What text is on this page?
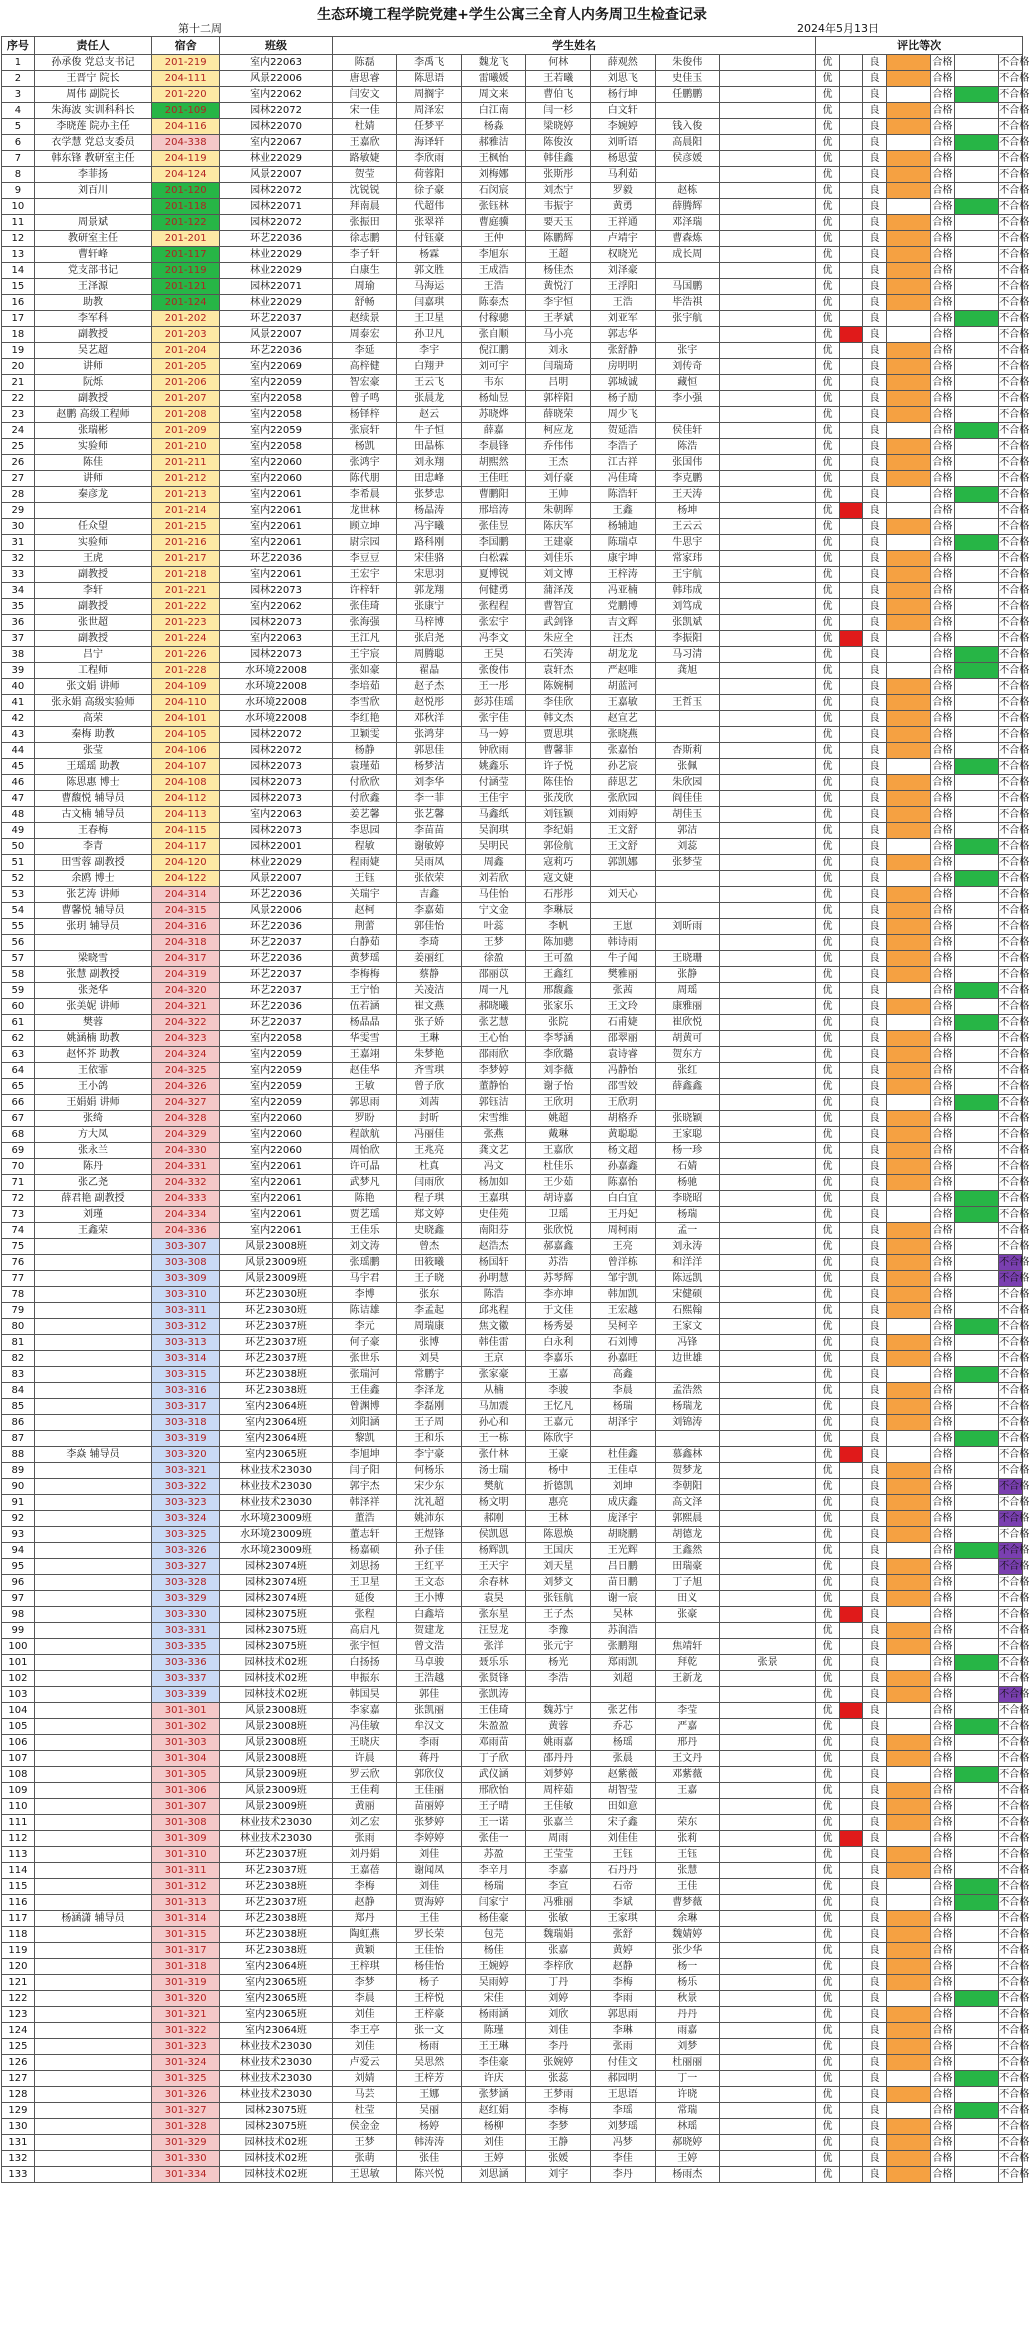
生态环境工程学院党建+学生公寓三全育人内务周卫生检查记录
第十二周	2024年5月13日
序号	责任人	宿舍	班级	学生姓名							评比等次						
1	孙承俊 党总支书记	201-219	室内22063	陈磊	李禹飞	魏龙飞	何林	薛观然	朱俊伟		优		良		合格		不合格
2	王晋宁 院长	204-111	风景22006	唐思睿	陈思语	雷曦媛	王若曦	刘思飞	史佳玉		优		良		合格		不合格
3	周伟 副院长	201-220	室内22062	闫安文	周搁宇	周文来	曹伯飞	杨行坤	任鹏鹏		优		良		合格		不合格
4	朱海波 实训科科长	201-109	园林22072	宋一佳	周泽宏	白江南	闫一杉	白文轩			优		良		合格		不合格
5	李晓莲 院办主任	204-116	园林22070	杜婧	任梦平	杨淼	梁晓婷	李婉婷	钱入俊		优		良		合格		不合格
6	衣学慧 党总支委员	204-338	室内22067	王嘉欣	海译轩	郝雅洁	陈俊汝	刘昕语	高晨阳		优		良		合格		不合格
7	韩东锋 教研室主任	204-119	林业22029	路敏婕	李欣雨	王枫怡	韩佳鑫	杨思萤	侯彦媛		优		良		合格		不合格
8	李菲扬	204-124	风景22007	贺莹	荷蓉阳	刘梅娜	张斯彤	马利茹			优		良		合格		不合格
9	刘百川	201-120	园林22072	沈锐锐	徐子豪	石闵宸	刘杰宁	罗毅	赵栋		优		良		合格		不合格
10		201-118	园林22071	拜南晨	代超伟	张钰林	韦振宇	黄勇	薛腾辉		优		良		合格		不合格
11	周景斌	201-122	园林22072	张振田	张翠祥	曹庭骥	要天玉	王祥通	邓泽瑞		优		良		合格		不合格
12	教研室主任	201-201	环艺22036	徐志鹏	付钰豪	王仲	陈鹏辉	卢靖宇	曹森炼		优		良		合格		不合格
13	曹轩峰	201-117	林业22029	李子轩	杨霖	李旭东	王超	权晓光	成长周		优		良		合格		不合格
14	党支部书记	201-119	林业22029	白康生	郭文胜	王成浩	杨佳杰	刘泽豪			优		良		合格		不合格
15	王泽源	201-121	园林22071	周瑜	马海运	王浩	黄悦汀	王浮阳	马国鹏		优		良		合格		不合格
16	助教	201-124	林业22029	舒畅	闫嘉琪	陈泰杰	李宇恒	王浩	毕浩祺		优		良		合格		不合格
17	李军科	201-202	环艺22037	赵续景	王卫星	付稼骢	王孝斌	刘亚军	张宇航		优		良		合格		不合格
18	副教授	201-203	风景22007	周泰宏	孙卫凡	张自顺	马小亮	郭志华			优		良		合格		不合格
19	吴艺超	201-204	环艺22036	李延	李宇	倪江鹏	刘永	张舒静	张宇		优		良		合格		不合格
20	讲师	201-205	室内22069	高梓健	白翔尹	刘可宇	闫瑞琦	房明明	刘传奇		优		良		合格		不合格
21	阮烁	201-206	室内22059	智宏豪	王云飞	韦东	吕明	郭城诚	藏恒		优		良		合格		不合格
22	副教授	201-207	室内22058	曾子鸣	张晨龙	杨灿昱	郭梓阳	杨子励	李小强		优		良		合格		不合格
23	赵鹏 高级工程师	201-208	室内22058	杨铎梓	赵云	苏晓烨	薛晓荣	周少飞			优		良		合格		不合格
24	张瑞彬	201-209	室内22059	张宸轩	牛子恒	薛嘉	柯应龙	贺延浩	侯佳轩		优		良		合格		不合格
25	实验师	201-210	室内22058	杨凯	田晶栋	李晨锋	乔伟伟	李浩子	陈浩		优		良		合格		不合格
26	陈佳	201-211	室内22060	张鸿宇	刘永翔	胡熙然	王杰	江古祥	张国伟		优		良		合格		不合格
27	讲师	201-212	室内22060	陈代朋	田忠峰	王佳旺	刘仔豪	冯佳琦	李克鹏		优		良		合格		不合格
28	秦彦龙	201-213	室内22061	李希晨	张梦忠	曹鹏阳	王帅	陈浩轩	王天涛		优		良		合格		不合格
29		201-214	室内22061	龙世林	杨晶涛	邢培涛	朱朝晖	王鑫	杨坤		优		良		合格		不合格
30	任众望	201-215	室内22061	顾立坤	冯宇曦	张佳昱	陈庆军	杨辅迪	王云云		优		良		合格		不合格
31	实验师	201-216	室内22061	尉宗园	路科刚	李国鹏	王建豪	陈瑞卓	牛思宇		优		良		合格		不合格
32	王虎	201-217	环艺22036	李豆豆	宋佳骆	白松霖	刘佳乐	康宇坤	常家玮		优		良		合格		不合格
33	副教授	201-218	室内22061	王宏宇	宋思羽	夏博锐	刘文博	王梓涛	王宇航		优		良		合格		不合格
34	李轩	201-221	园林22073	许梓轩	郭龙翔	何健勇	蒲泽茂	冯亚楠	韩玮成		优		良		合格		不合格
35	副教授	201-222	室内22062	张佳琦	张康宁	张程程	曹智宜	党鹏博	刘笃成		优		良		合格		不合格
36	张世超	201-223	园林22073	张海强	马梓博	张宏宇	武剑锋	吉文辉	张凯斌		优		良		合格		不合格
37	副教授	201-224	室内22063	王江凡	张启尧	冯李文	朱应全	汪杰	李振阳		优		良		合格		不合格
38	吕宁	201-226	园林22073	王宇宸	周腾聪	王昊	石笑涛	胡龙龙	马习清		优		良		合格		不合格
39	工程师	201-228	水环境22008	张如豪	翟晶	张俊伟	袁轩杰	严赵唯	龚旭		优		良		合格		不合格
40	张文娟 讲师	204-109	水环境22008	李培茹	赵子杰	王一彤	陈婉桐	胡蓝河			优		良		合格		不合格
41	张永娟 高级实验师	204-110	水环境22008	李雪欣	赵悦彤	彭苏佳瑶	李佳欣	王嘉敏	王哲玉		优		良		合格		不合格
42	高荣	204-101	水环境22008	李红艳	邓秋洋	张宇佳	韩文杰	赵宣艺			优		良		合格		不合格
43	秦梅 助教	204-105	园林22072	卫颖雯	张鸿芽	马一婷	贾思琪	张晓燕			优		良		合格		不合格
44	张莹	204-106	园林22072	杨静	郭思佳	钟欣雨	曹馨菲	张嘉怡	杏斯莉		优		良		合格		不合格
45	王瑶瑶 助教	204-107	园林22073	袁瑾茹	杨梦洁	姚鑫乐	许子悦	孙艺宸	张佩		优		良		合格		不合格
46	陈思惠 博士	204-108	园林22073	付欣欣	刘李华	付涵莹	陈佳怡	薛思艺	朱欣园		优		良		合格		不合格
47	曹馥悦 辅导员	204-112	园林22073	付欣鑫	李一菲	王佳宇	张茂欣	张欣园	阎佳佳		优		良		合格		不合格
48	古文楠 辅导员	204-113	室内22063	姜艺馨	张艺馨	马鑫纸	刘钰颖	刘雨婷	胡佳玉		优		良		合格		不合格
49	王春梅	204-115	园林22073	李思园	李苗苗	吴润琪	李纪娟	王文舒	郭洁		优		良		合格		不合格
50	李青	204-117	园林22001	程敏	谢敏婷	吴明民	郭俭航	王文舒	刘蕊		优		良		合格		不合格
51	田雪蓉 副教授	204-120	林业22029	程雨婕	吴雨凤	周鑫	寇莉巧	郭凯娜	张梦莹		优		良		合格		不合格
52	余鸥 博士	204-122	风景22007	王钰	张依荣	刘若欣	寇文婕				优		良		合格		不合格
53	张艺涛 讲师	204-314	环艺22036	关瑞宇	吉鑫	马佳怡	石彤彤	刘天心			优		良		合格		不合格
54	曹馨悦 辅导员	204-315	风景22006	赵柯	李嘉茹	宁文金	李琳辰				优		良		合格		不合格
55	张玥 辅导员	204-316	环艺22036	荆蕾	郭佳怡	叶蕊	李帆	王崽	刘昕雨		优		良		合格		不合格
56		204-318	环艺22037	白静茹	李琦	王梦	陈加骢	韩诗雨			优		良		合格		不合格
57	梁晓雪	204-317	环艺22036	黄梦瑶	姜丽红	徐盈	王可盈	牛子闻	王晓珊		优		良		合格		不合格
58	张慧 副教授	204-319	环艺22037	李梅梅	蔡静	邵丽苡	王鑫红	樊雅丽	张静		优		良		合格		不合格
59	张尧华	204-320	环艺22037	王宁怡	关凌洁	周一凡	邢馥鑫	张茜	周瑶		优		良		合格		不合格
60	张美妮 讲师	204-321	环艺22036	伍若涵	崔文燕	郝晓曦	张家乐	王文玲	康雅丽		优		良		合格		不合格
61	樊蓉	204-322	环艺22037	杨晶晶	张子娇	张艺慧	张院	石甫婕	崔欣悦		优		良		合格		不合格
62	姚涵楠 助教	204-323	室内22058	华雯雪	王琳	王心怡	李琴涵	邵翠丽	胡黄可		优		良		合格		不合格
63	赵怀芥 助教	204-324	室内22059	王嘉翊	朱梦艳	邵雨欣	李欣璐	袁诗睿	贺东方		优		良		合格		不合格
64	王依霏	204-325	室内22059	赵佳华	齐雪琪	李梦婷	刘李薇	冯静怡	张红		优		良		合格		不合格
65	王小鸽	204-326	室内22059	王敏	曾子欣	董静怡	谢子怡	邵雪姣	薛鑫鑫		优		良		合格		不合格
66	王娟娟 讲师	204-327	室内22059	郭思雨	刘茜	郭钰洁	王欣玥	王欣玥			优		良		合格		不合格
67	张绮	204-328	室内22060	罗盼	封昕	宋雪维	姚超	胡格乔	张晓颖		优		良		合格		不合格
68	方大凤	204-329	室内22060	程歆航	冯丽佳	张燕	戴琳	黄聪聪	王家聪		优		良		合格		不合格
69	张永兰	204-330	室内22060	周怡欣	王兆亮	龚文艺	王嘉欣	杨文超	杨一珍		优		良		合格		不合格
70	陈丹	204-331	室内22061	许可晶	杜真	冯文	杜佳乐	孙嘉鑫	石婧		优		良		合格		不合格
71	张乙尧	204-332	室内22061	武梦凡	闫雨欣	杨加如	王少茹	陈嘉怡	杨驰		优		良		合格		不合格
72	薛君艳 副教授	204-333	室内22061	陈艳	程子琪	王嘉琪	胡诗嘉	白白宜	李晓昭		优		良		合格		不合格
73	刘瑾	204-334	室内22061	贾艺瑶	郑文婷	史佳苑	卫瑶	王丹妃	杨瑞		优		良		合格		不合格
74	王鑫荣	204-336	室内22061	王佳乐	史晓鑫	南阳芬	张欣悦	周柯雨	孟一		优		良		合格		不合格
75		303-307	风景23008班	刘文涛	曾杰	赵浩杰	郝嘉鑫	王亮	刘永涛		优		良		合格		不合格
76		303-308	风景23009班	张瑶鹏	田筱曦	杨国轩	苏浩	曾洋栋	和洋洋		优		良		合格		不合格
77		303-309	风景23009班	马宇君	王子晓	孙明慧	苏琴辉	邹宇凯	陈远凯		优		良		合格		不合格
78		303-310	环艺23030班	李博	张东	陈浩	李亦坤	韩加凯	宋健硕		优		良		合格		不合格
79		303-311	环艺23030班	陈诘雄	李孟起	邱兆程	于文佳	王宏越	石熙翰		优		良		合格		不合格
80		303-312	环艺23037班	李元	周瑞康	焦文徽	杨秀晏	吴柯辛	王家文		优		良		合格		不合格
81		303-313	环艺23037班	何子豪	张博	韩佳雷	白永利	石刘博	冯锋		优		良		合格		不合格
82		303-314	环艺23037班	张世乐	刘昊	王京	李嘉乐	孙嘉旺	边世雄		优		良		合格		不合格
83		303-315	环艺23038班	张瑞河	常鹏宇	张家豪	王嘉	高鑫			优		良		合格		不合格
84		303-316	环艺23038班	王佳鑫	李泽龙	从楠	李骏	李晨	孟浩然		优		良		合格		不合格
85		303-317	室内23064班	曾渊博	李磊刚	马加震	王忆凡	杨瑞	杨瑞龙		优		良		合格		不合格
86		303-318	室内23064班	刘阳涵	王子周	孙心和	王嘉元	胡泽宇	刘锦涛		优		良		合格		不合格
87		303-319	室内23064班	黎凯	王和乐	王一栋	陈欣宇				优		良		合格		不合格
88	李焱 辅导员	303-320	室内23065班	李旭坤	李宁豪	张什林	王豪	杜佳鑫	慕鑫林		优		良		合格		不合格
89		303-321	林业技术23030	闫子阳	何杨乐	汤士瑞	杨中	王佳卓	贺梦龙		优		良		合格		不合格
90		303-322	林业技术23030	郭宇杰	宋少东	樊航	折德凯	刘坤	李朝阳		优		良		合格		不合格
91		303-323	林业技术23030	韩泽祥	沈礼超	杨文明	惠亮	成庆鑫	高文泽		优		良		合格		不合格
92		303-324	水环境23009班	董浩	姚沛东	郝刚	王林	庞泽宇	郭熙晨		优		良		合格		不合格
93		303-325	水环境23009班	董志轩	王煜锋	侯凯恩	陈恩焕	胡晓鹏	胡德龙		优		良		合格		不合格
94		303-326	水环境23009班	杨嘉硕	孙子佳	杨辉凯	王国庆	王光辉	王鑫然		优		良		合格		不合格
95		303-327	园林23074班	刘思扬	王红平	王天宇	刘天星	吕日鹏	田瑞豪		优		良		合格		不合格
96		303-328	园林23074班	王卫星	王文态	余春林	刘梦文	苗日鹏	丁子旭		优		良		合格		不合格
97		303-329	园林23074班	延俊	王小博	袁昊	张钰航	谢一宸	田义		优		良		合格		不合格
98		303-330	园林23075班	张程	白鑫培	张东星	王子杰	吴林	张豪		优		良		合格		不合格
99		303-331	园林23075班	高启凡	贺建龙	汪昱龙	李豫	苏润浩			优		良		合格		不合格
100		303-335	园林23075班	张宇恒	曾文浩	张洋	张元宇	张鹏翔	焦靖轩		优		良		合格		不合格
101		303-336	园林技术02班	白扬扬	马卓骏	聂乐乐	杨光	郑雨凯	拜乾	张景	优		良		合格		不合格
102		303-337	园林技术02班	申振东	王浩越	张贤锋	李浩	刘超	王新龙		优		良		合格		不合格
103		303-339	园林技术02班	韩国昊	郭佳	张凯涛					优		良		合格		不合格
104		301-301	风景23008班	李家嘉	张凯丽	王佳琦	魏苏宁	张艺伟	李莹		优		良		合格		不合格
105		301-302	风景23008班	冯佳敏	牟汉文	朱盈盈	黄蓉	乔芯	严嘉		优		良		合格		不合格
106		301-303	风景23008班	王晓庆	李雨	邓雨苗	姚雨嘉	杨瑶	邢丹		优		良		合格		不合格
107		301-304	风景23008班	许晨	蒋丹	丁子欣	邵丹丹	张晨	王文丹		优		良		合格		不合格
108		301-305	风景23009班	罗云欣	郭欣仪	武仪涵	刘梦婷	赵紫薇	邓紫薇		优		良		合格		不合格
109		301-306	风景23009班	王佳莉	王佳丽	邢欣怡	周梓茹	胡智莹	王嘉		优		良		合格		不合格
110		301-307	风景23009班	黄丽	苗丽婷	王子晴	王佳敏	田如意			优		良		合格		不合格
111		301-308	林业技术23030	刘乙宏	张梦婷	王一诺	张嘉兰	宋子鑫	荣东		优		良		合格		不合格
112		301-309	林业技术23030	张雨	李婷婷	张佳一	周雨	刘佳佳	张莉		优		良		合格		不合格
113		301-310	环艺23037班	刘丹娟	刘佳	苏盈	王莹莹	王钰	王钰		优		良		合格		不合格
114		301-311	环艺23037班	王嘉蓓	谢闻凤	李辛月	李嘉	石丹丹	张慧		优		良		合格		不合格
115		301-312	环艺23038班	李梅	刘佳	杨瑞	李宣	石帝	王佳		优		良		合格		不合格
116		301-313	环艺23037班	赵静	贾海婷	闫家宁	冯雅丽	李斌	曹梦薇		优		良		合格		不合格
117	杨涵潇 辅导员	301-314	环艺23038班	郑丹	王佳	杨佳豪	张敏	王家琪	余琳		优		良		合格		不合格
118		301-315	环艺23038班	陶虹燕	罗长荣	包芫	魏瑞娟	张舒	魏婧婷		优		良		合格		不合格
119		301-317	环艺23038班	黄颖	王佳怡	杨佳	张嘉	黄婷	张少华		优		良		合格		不合格
120		301-318	室内23064班	王梓琪	杨佳怡	王婉婷	李梓欣	赵静	杨一		优		良		合格		不合格
121		301-319	室内23065班	李梦	杨子	吴雨婷	丁丹	李梅	杨乐		优		良		合格		不合格
122		301-320	室内23065班	李晨	王梓悦	宋佳	刘婷	李雨	秋景		优		良		合格		不合格
123		301-321	室内23065班	刘佳	王梓豪	杨雨涵	刘欣	郭思雨	丹丹		优		良		合格		不合格
124		301-322	室内23064班	李王亭	张一文	陈瑾	刘佳	李琳	雨嘉		优		良		合格		不合格
125		301-323	林业技术23030	刘佳	杨雨	王王琳	李丹	张雨	刘梦		优		良		合格		不合格
126		301-324	林业技术23030	卢爱云	吴思然	李佳豪	张婉婷	付佳文	杜丽丽		优		良		合格		不合格
127		301-325	林业技术23030	刘婧	王梓芳	许庆	张蕊	郝园明	丁一		优		良		合格		不合格
128		301-326	林业技术23030	马芸	王娜	张梦涵	王梦雨	王思语	许晓		优		良		合格		不合格
129		301-327	园林23075班	杜莹	吴丽	赵红娟	李梅	李瑶	常瑞		优		良		合格		不合格
130		301-328	园林23075班	侯金金	杨婷	杨柳	李梦	刘梦瑶	林瑶		优		良		合格		不合格
131		301-329	园林技术02班	王梦	韩涛涛	刘佳	王静	冯梦	郝晓婷		优		良		合格		不合格
132		301-330	园林技术02班	张萌	张佳	王婷	张媛	李佳	王婷		优		良		合格		不合格
133		301-334	园林技术02班	王思敏	陈兴悦	刘思涵	刘宇	李丹	杨雨杰		优		良		合格		不合格
